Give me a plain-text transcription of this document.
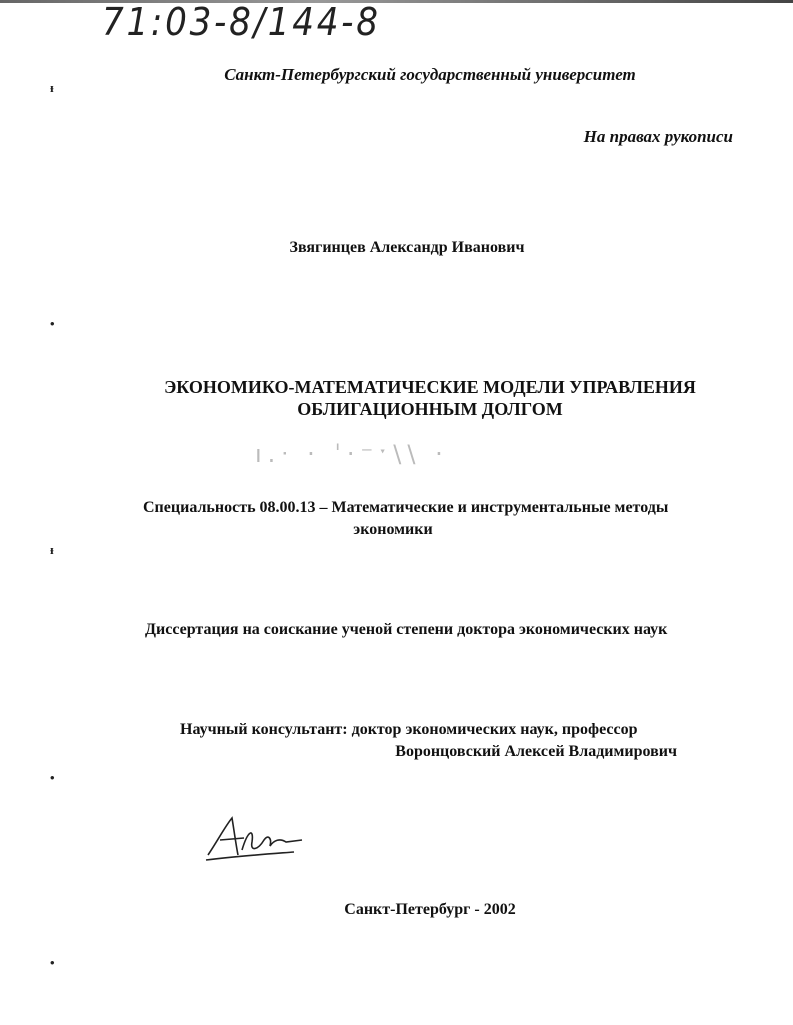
71:03-8/144-8
ᵻ
•
ᵻ
•
•
Санкт-Петербургский государственный университет
На правах рукописи
Звягинцев Александр Иванович
ЭКОНОМИКО-МАТЕМАТИЧЕСКИЕ МОДЕЛИ УПРАВЛЕНИЯ
ОБЛИГАЦИОННЫМ ДОЛГОМ
ı.ᐧ · ˈ·⁻ˑ\\ ·
Специальность 08.00.13 – Математические и инструментальные методы
экономики
Диссертация на соискание ученой степени доктора экономических наук
Научный консультант: доктор экономических наук, профессор
Воронцовский Алексей Владимирович
Санкт-Петербург - 2002
